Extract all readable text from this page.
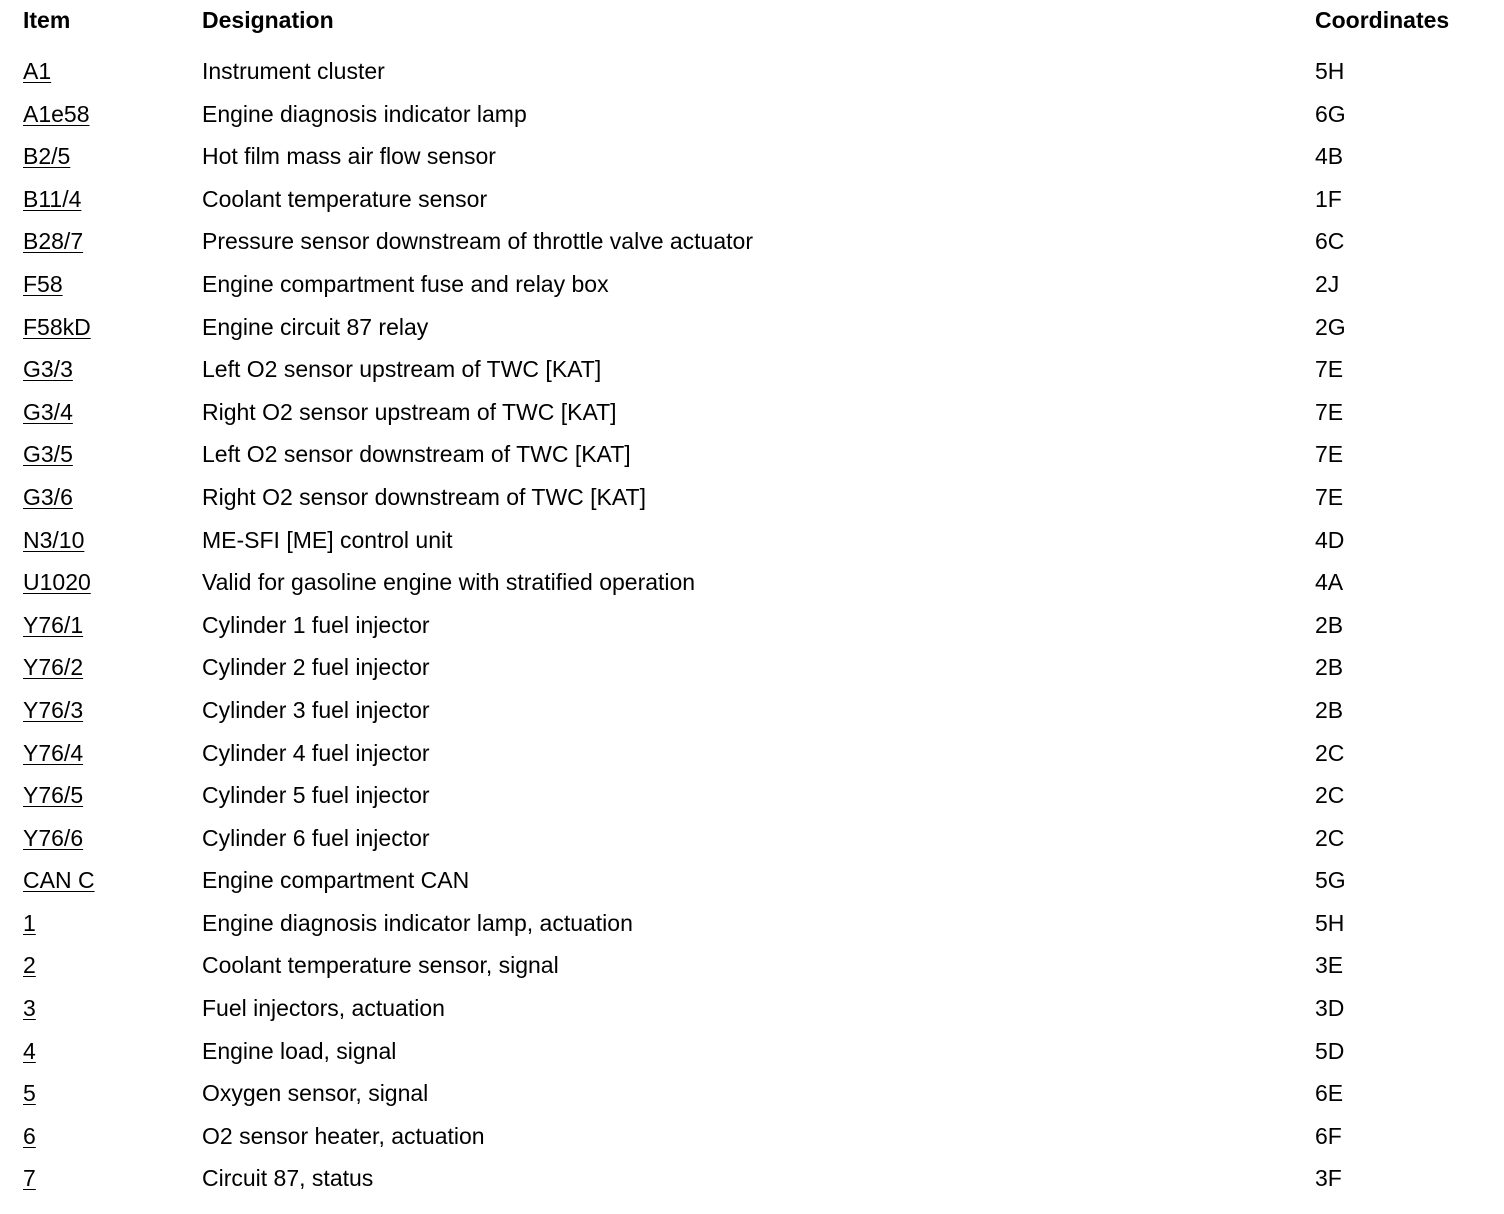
Item	Designation	Coordinates
A1	Instrument cluster	5H
A1e58	Engine diagnosis indicator lamp	6G
B2/5	Hot film mass air flow sensor	4B
B11/4	Coolant temperature sensor	1F
B28/7	Pressure sensor downstream of throttle valve actuator	6C
F58	Engine compartment fuse and relay box	2J
F58kD	Engine circuit 87 relay	2G
G3/3	Left O2 sensor upstream of TWC [KAT]	7E
G3/4	Right O2 sensor upstream of TWC [KAT]	7E
G3/5	Left O2 sensor downstream of TWC [KAT]	7E
G3/6	Right O2 sensor downstream of TWC [KAT]	7E
N3/10	ME-SFI [ME] control unit	4D
U1020	Valid for gasoline engine with stratified operation	4A
Y76/1	Cylinder 1 fuel injector	2B
Y76/2	Cylinder 2 fuel injector	2B
Y76/3	Cylinder 3 fuel injector	2B
Y76/4	Cylinder 4 fuel injector	2C
Y76/5	Cylinder 5 fuel injector	2C
Y76/6	Cylinder 6 fuel injector	2C
CAN C	Engine compartment CAN	5G
1	Engine diagnosis indicator lamp, actuation	5H
2	Coolant temperature sensor, signal	3E
3	Fuel injectors, actuation	3D
4	Engine load, signal	5D
5	Oxygen sensor, signal	6E
6	O2 sensor heater, actuation	6F
7	Circuit 87, status	3F
